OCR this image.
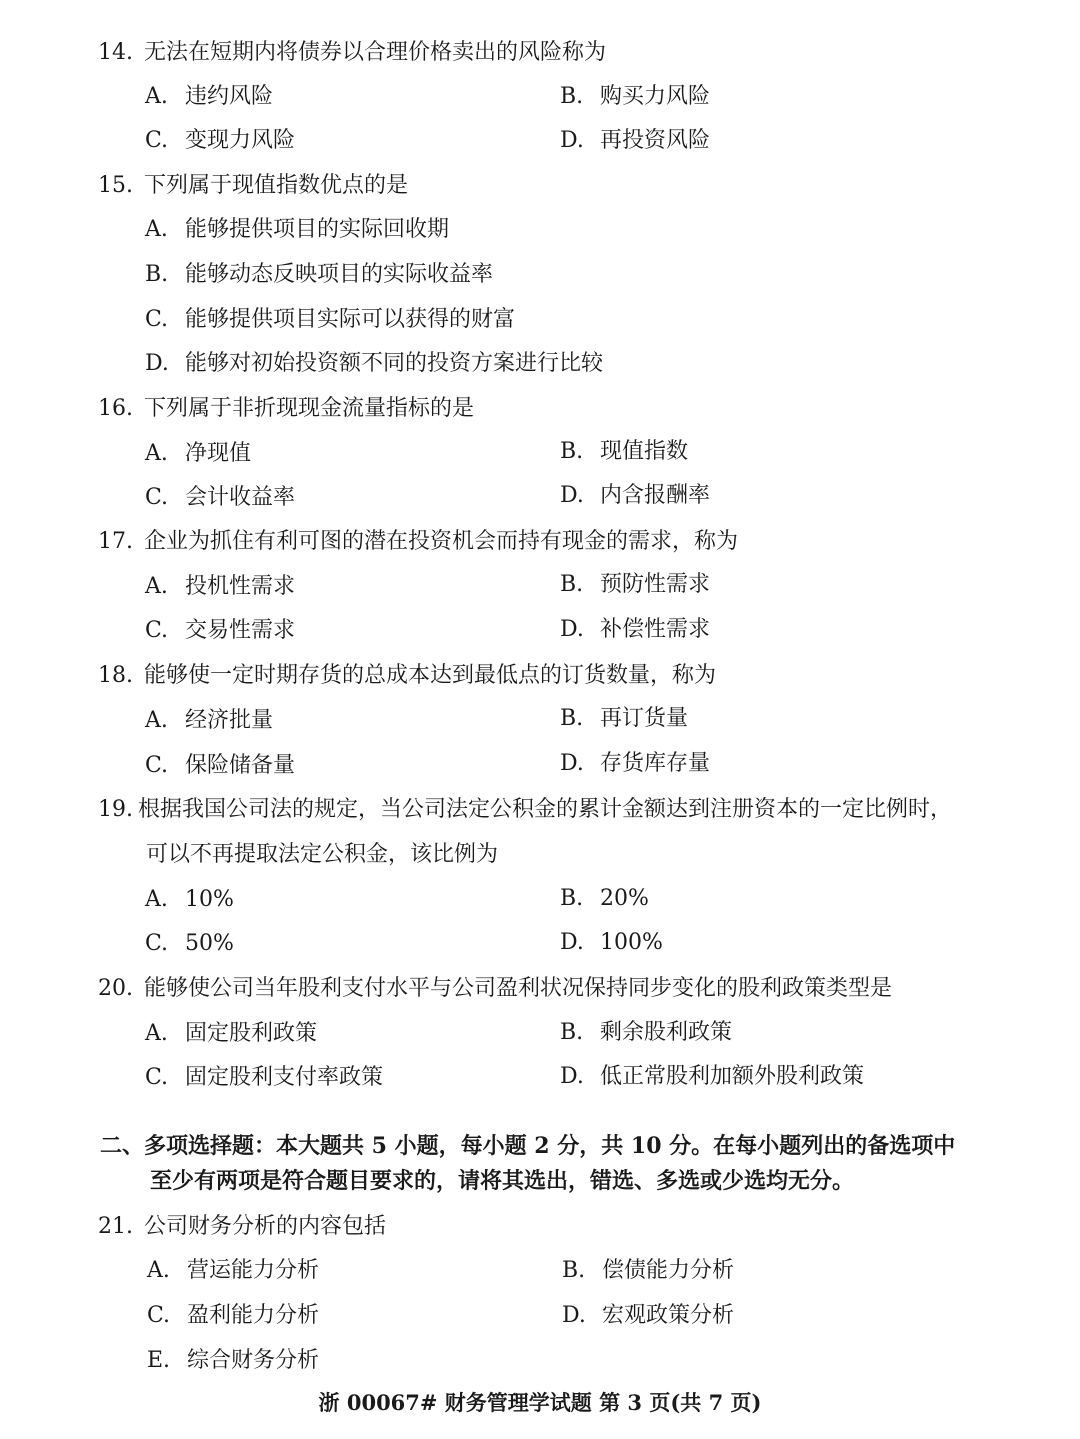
14. 无法在短期内将债券以合理价格卖出的风险称为
A. 违约风险	B. 购买力风险
C. 变现力风险	D. 再投资风险
15. 下列属于现值指数优点的是
A. 能够提供项目的实际回收期
B. 能够动态反映项目的实际收益率
C. 能够提供项目实际可以获得的财富
D. 能够对初始投资额不同的投资方案进行比较
16. 下列属于非折现现金流量指标的是
A. 净现值	B. 现值指数
C. 会计收益率	D. 内含报酬率
17. 企业为抓住有利可图的潜在投资机会而持有现金的需求，称为
A. 投机性需求	B. 预防性需求
C. 交易性需求	D. 补偿性需求
18. 能够使一定时期存货的总成本达到最低点的订货数量，称为
A. 经济批量	B. 再订货量
C. 保险储备量	D. 存货库存量
19. 根据我国公司法的规定，当公司法定公积金的累计金额达到注册资本的一定比例时，
可以不再提取法定公积金，该比例为
A. 10%	B. 20%
C. 50%	D. 100%
20. 能够使公司当年股利支付水平与公司盈利状况保持同步变化的股利政策类型是
A. 固定股利政策	B. 剩余股利政策
C. 固定股利支付率政策	D. 低正常股利加额外股利政策
二、多项选择题：本大题共 5 小题，每小题 2 分，共 10 分。在每小题列出的备选项中
至少有两项是符合题目要求的，请将其选出，错选、多选或少选均无分。
21. 公司财务分析的内容包括
A. 营运能力分析	B. 偿债能力分析
C. 盈利能力分析	D. 宏观政策分析
E. 综合财务分析
浙 00067# 财务管理学试题 第 3 页(共 7 页)
